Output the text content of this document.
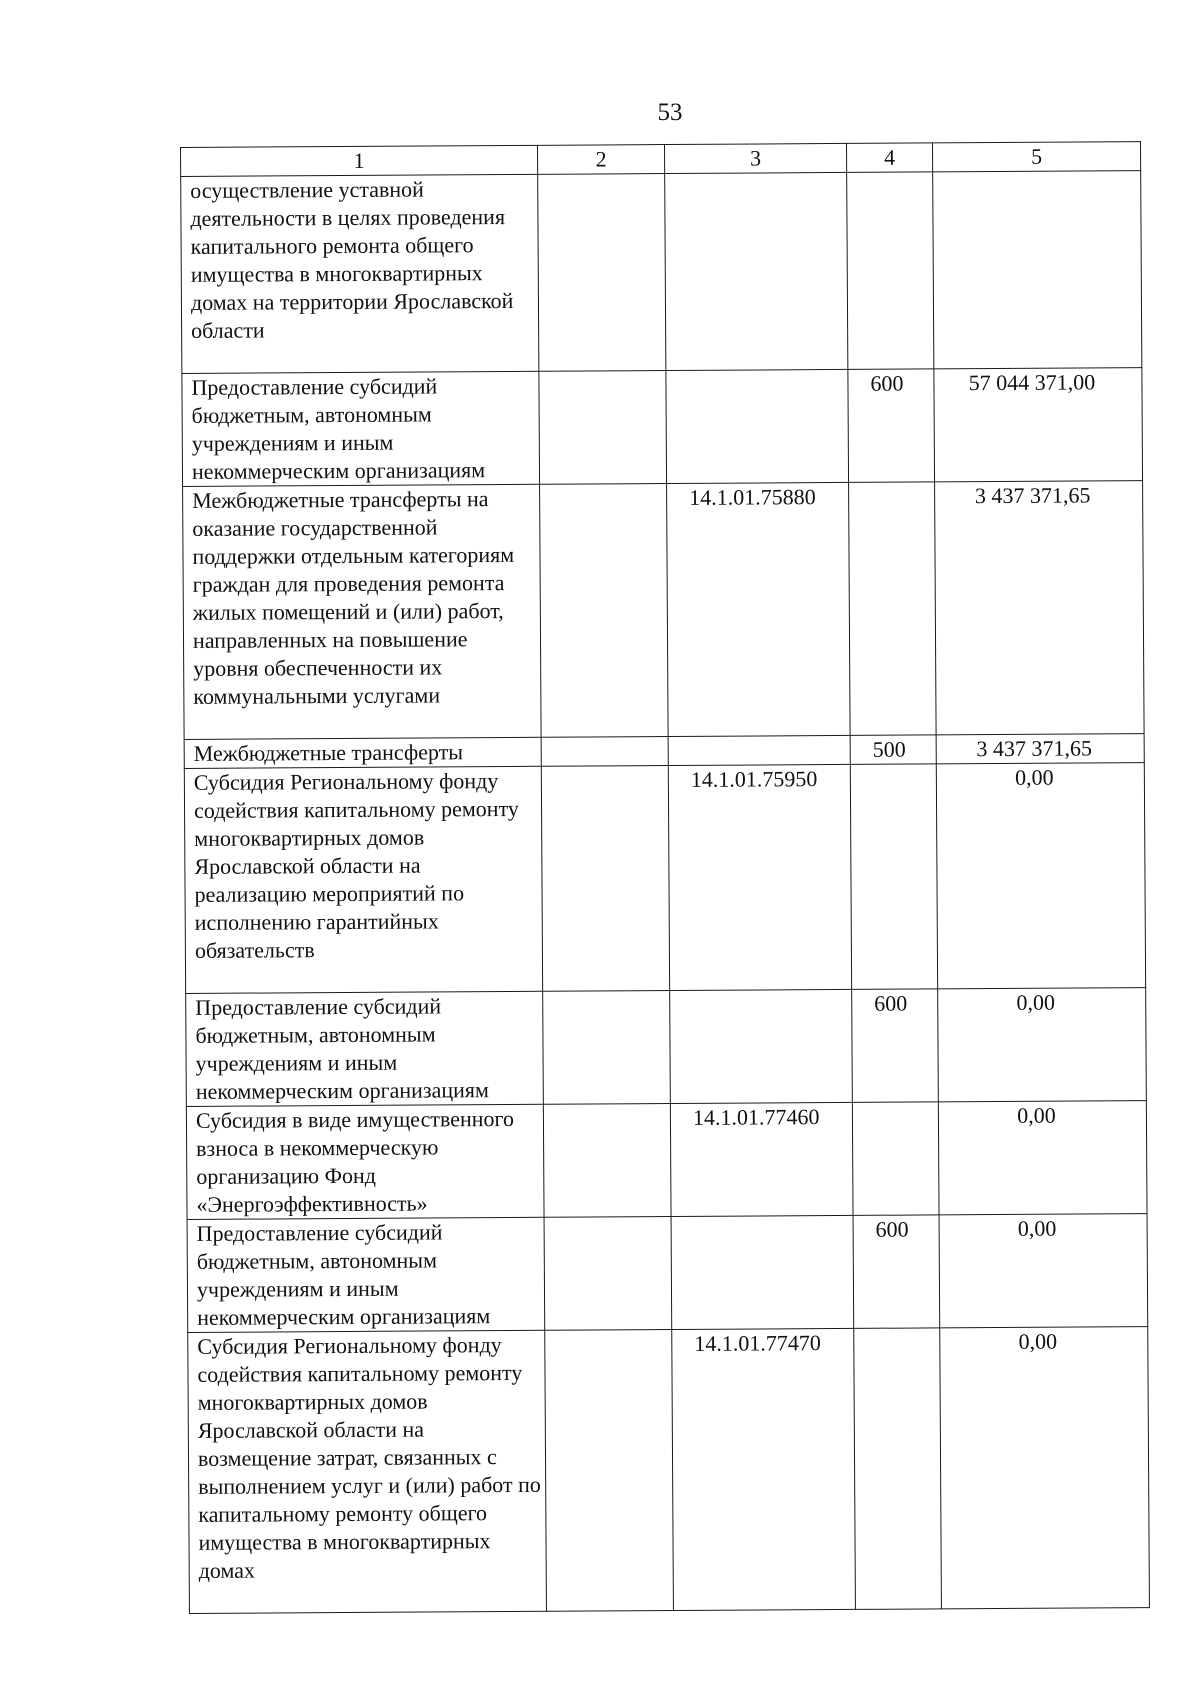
53
1	2	3	4	5
осуществление уставной деятельности в целях проведения капитального ремонта общего имущества в многоквартирных домах на территории Ярославской области				
Предоставление субсидий бюджетным, автономным учреждениям и иным некоммерческим организациям			600	57 044 371,00
Межбюджетные трансферты на оказание государственной поддержки отдельным категориям граждан для проведения ремонта жилых помещений и (или) работ, направленных на повышение уровня обеспеченности их коммунальными услугами		14.1.01.75880		3 437 371,65
Межбюджетные трансферты			500	3 437 371,65
Субсидия Региональному фонду содействия капитальному ремонту многоквартирных домов Ярославской области на реализацию мероприятий по исполнению гарантийных обязательств		14.1.01.75950		0,00
Предоставление субсидий бюджетным, автономным учреждениям и иным некоммерческим организациям			600	0,00
Субсидия в виде имущественного взноса в некоммерческую организацию Фонд «Энергоэффективность»		14.1.01.77460		0,00
Предоставление субсидий бюджетным, автономным учреждениям и иным некоммерческим организациям			600	0,00
Субсидия Региональному фонду содействия капитальному ремонту многоквартирных домов Ярославской области на возмещение затрат, связанных с выполнением услуг и (или) работ по капитальному ремонту общего имущества в многоквартирных домах		14.1.01.77470		0,00
